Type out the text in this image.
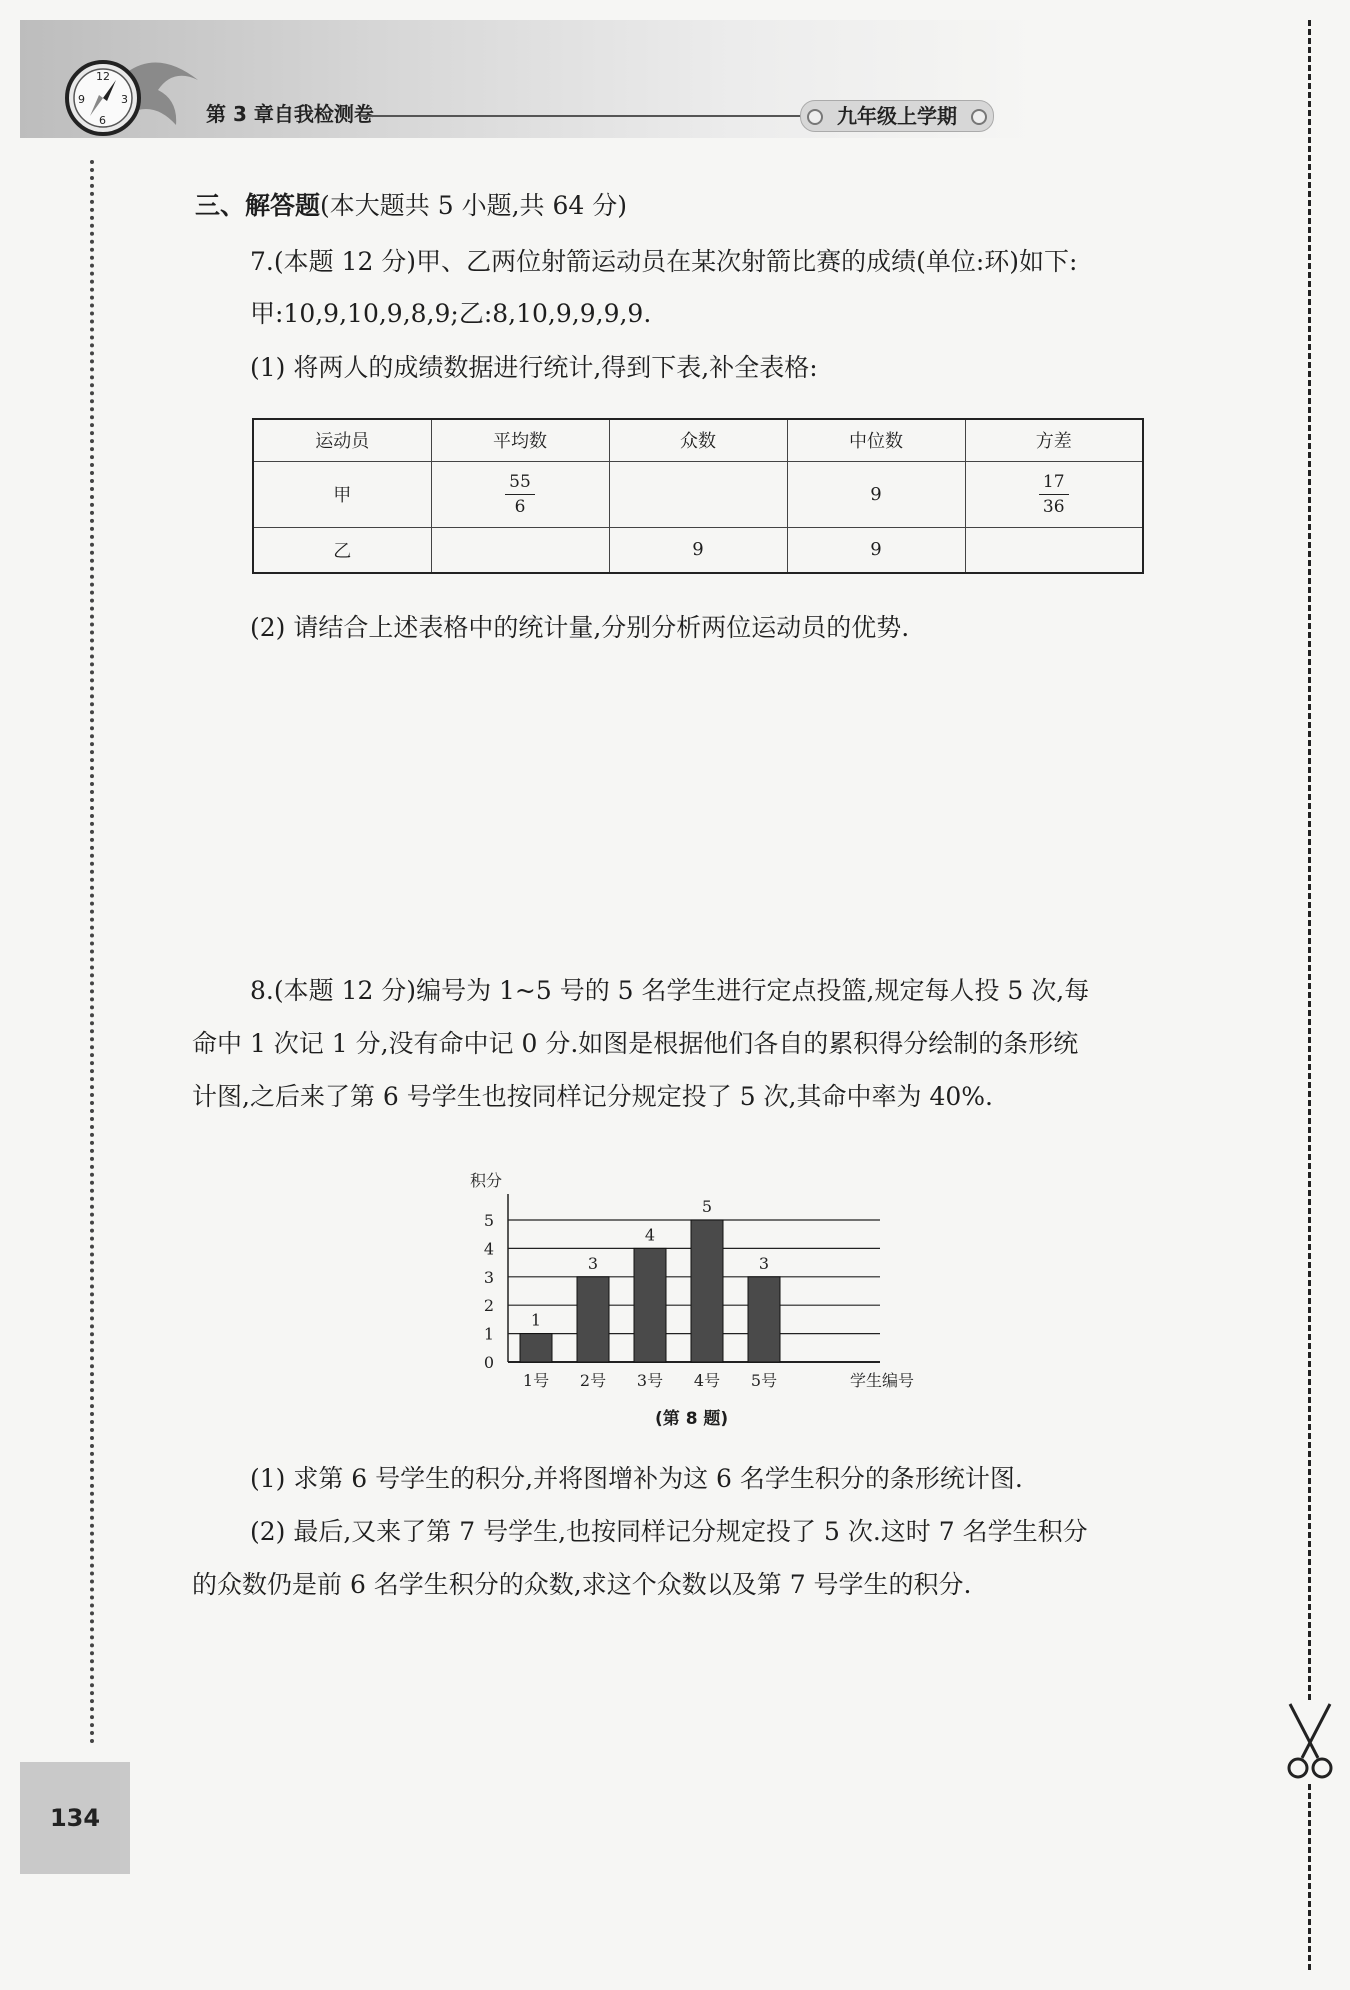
12
3
6
9
第 3 章自我检测卷	九年级上学期
134
三、解答题(本大题共 5 小题,共 64 分)
7.(本题 12 分)甲、乙两位射箭运动员在某次射箭比赛的成绩(单位:环)如下:
甲:10,9,10,9,8,9;乙:8,10,9,9,9,9.
(1) 将两人的成绩数据进行统计,得到下表,补全表格:
运动员	平均数	众数	中位数	方差
甲	$\frac{55}{6}$		9	$\frac{17}{36}$

乙		9	9	
(2) 请结合上述表格中的统计量,分别分析两位运动员的优势.
8.(本题 12 分)编号为 1~5 号的 5 名学生进行定点投篮,规定每人投 5 次,每
命中 1 次记 1 分,没有命中记 0 分.如图是根据他们各自的累积得分绘制的条形统
计图,之后来了第 6 号学生也按同样记分规定投了 5 次,其命中率为 40%.
0
1
2
3
4
5
积分
1
1号
3
2号
4
3号
5
4号
3
5号	学生编号
(第 8 题)
(1) 求第 6 号学生的积分,并将图增补为这 6 名学生积分的条形统计图.
(2) 最后,又来了第 7 号学生,也按同样记分规定投了 5 次.这时 7 名学生积分
的众数仍是前 6 名学生积分的众数,求这个众数以及第 7 号学生的积分.
